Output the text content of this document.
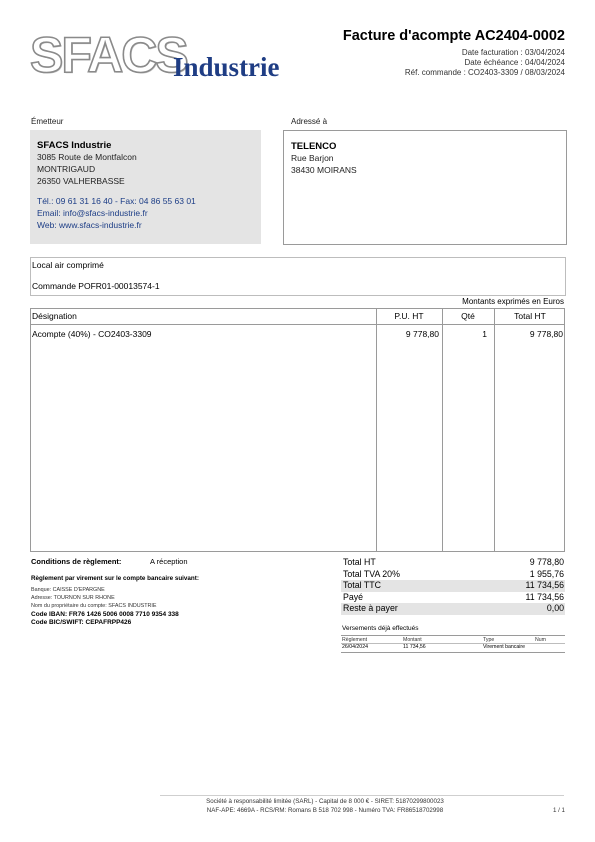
SFACS
Industrie
Facture d'acompte AC2404-0002
Date facturation : 03/04/2024
Date échéance : 04/04/2024
Réf. commande : CO2403-3309 / 08/03/2024
Émetteur
SFACS Industrie
3085 Route de Montfalcon
MONTRIGAUD
26350 VALHERBASSE
Tél.: 09 61 31 16 40 - Fax: 04 86 55 63 01
Email: info@sfacs-industrie.fr
Web: www.sfacs-industrie.fr
Adressé à
TELENCO
Rue Barjon
38430 MOIRANS
Local air comprimé
Commande POFR01-00013574-1
Montants exprimés en Euros
Désignation	P.U. HT	Qté	Total HT
Acompte (40%) - CO2403-3309	9 778,80	1	9 778,80
Conditions de règlement:	A réception
Règlement par virement sur le compte bancaire suivant:
Banque: CAISSE D'EPARGNE
Adresse: TOURNON SUR RHONE
Nom du propriétaire du compte: SFACS INDUSTRIE
Code IBAN: FR76 1426 5006 0008 7710 9354 338
Code BIC/SWIFT: CEPAFRPP426
Total HT	9 778,80
Total TVA 20%	1 955,76
Total TTC	11 734,56
Payé	11 734,56
Reste à payer	0,00
Versements déjà effectués
Règlement	Montant	Type	Num
26/04/2024	11 734,56	Virement bancaire
Société à responsabilité limitée (SARL) - Capital de 8 000 € - SIRET: 51870299800023
NAF-APE: 4669A - RCS/RM: Romans B 518 702 998 - Numéro TVA: FR86518702998	1 / 1
